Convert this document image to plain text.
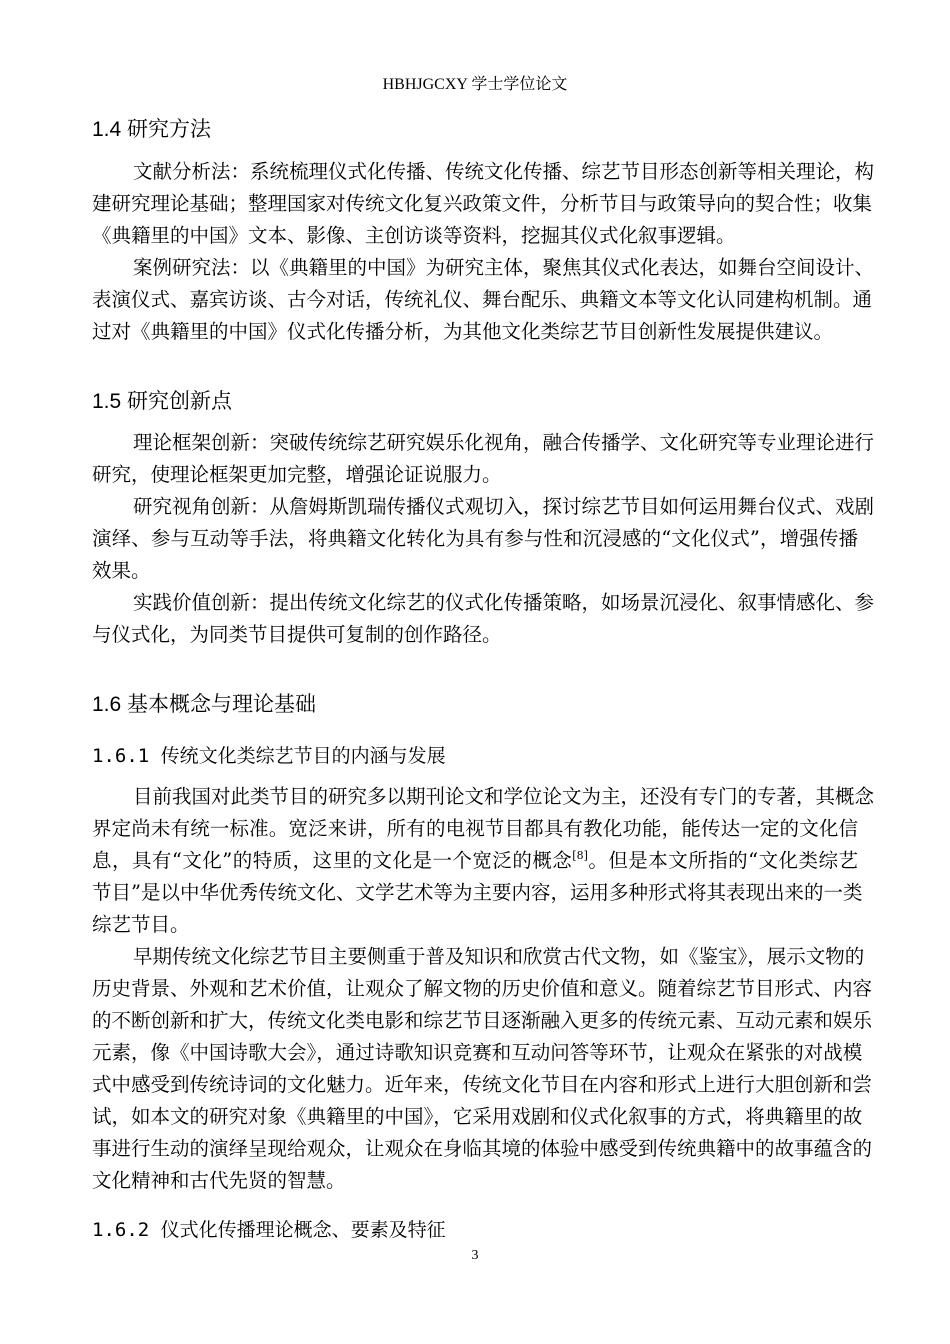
HBHJGCXY 学士学位论文
1.4 研究方法
文献分析法：系统梳理仪式化传播、传统文化传播、综艺节目形态创新等相关理论，构
建研究理论基础；整理国家对传统文化复兴政策文件，分析节目与政策导向的契合性；收集
《典籍里的中国》文本、影像、主创访谈等资料，挖掘其仪式化叙事逻辑。
案例研究法：以《典籍里的中国》为研究主体，聚焦其仪式化表达，如舞台空间设计、
表演仪式、嘉宾访谈、古今对话，传统礼仪、舞台配乐、典籍文本等文化认同建构机制。通
过对《典籍里的中国》仪式化传播分析，为其他文化类综艺节目创新性发展提供建议。
1.5 研究创新点
理论框架创新：突破传统综艺研究娱乐化视角，融合传播学、文化研究等专业理论进行
研究，使理论框架更加完整，增强论证说服力。
研究视角创新：从詹姆斯凯瑞传播仪式观切入，探讨综艺节目如何运用舞台仪式、戏剧
演绎、参与互动等手法，将典籍文化转化为具有参与性和沉浸感的“文化仪式”，增强传播
效果。
实践价值创新：提出传统文化综艺的仪式化传播策略，如场景沉浸化、叙事情感化、参
与仪式化，为同类节目提供可复制的创作路径。
1.6 基本概念与理论基础
1.6.1 传统文化类综艺节目的内涵与发展
目前我国对此类节目的研究多以期刊论文和学位论文为主，还没有专门的专著，其概念
界定尚未有统一标准。宽泛来讲，所有的电视节目都具有教化功能，能传达一定的文化信
息，具有“文化”的特质，这里的文化是一个宽泛的概念[8]。但是本文所指的“文化类综艺
节目”是以中华优秀传统文化、文学艺术等为主要内容，运用多种形式将其表现出来的一类
综艺节目。
早期传统文化综艺节目主要侧重于普及知识和欣赏古代文物，如《鉴宝》，展示文物的
历史背景、外观和艺术价值，让观众了解文物的历史价值和意义。随着综艺节目形式、内容
的不断创新和扩大，传统文化类电影和综艺节目逐渐融入更多的传统元素、互动元素和娱乐
元素，像《中国诗歌大会》，通过诗歌知识竞赛和互动问答等环节，让观众在紧张的对战模
式中感受到传统诗词的文化魅力。近年来，传统文化节目在内容和形式上进行大胆创新和尝
试，如本文的研究对象《典籍里的中国》，它采用戏剧和仪式化叙事的方式，将典籍里的故
事进行生动的演绎呈现给观众，让观众在身临其境的体验中感受到传统典籍中的故事蕴含的
文化精神和古代先贤的智慧。
1.6.2 仪式化传播理论概念、要素及特征
3
